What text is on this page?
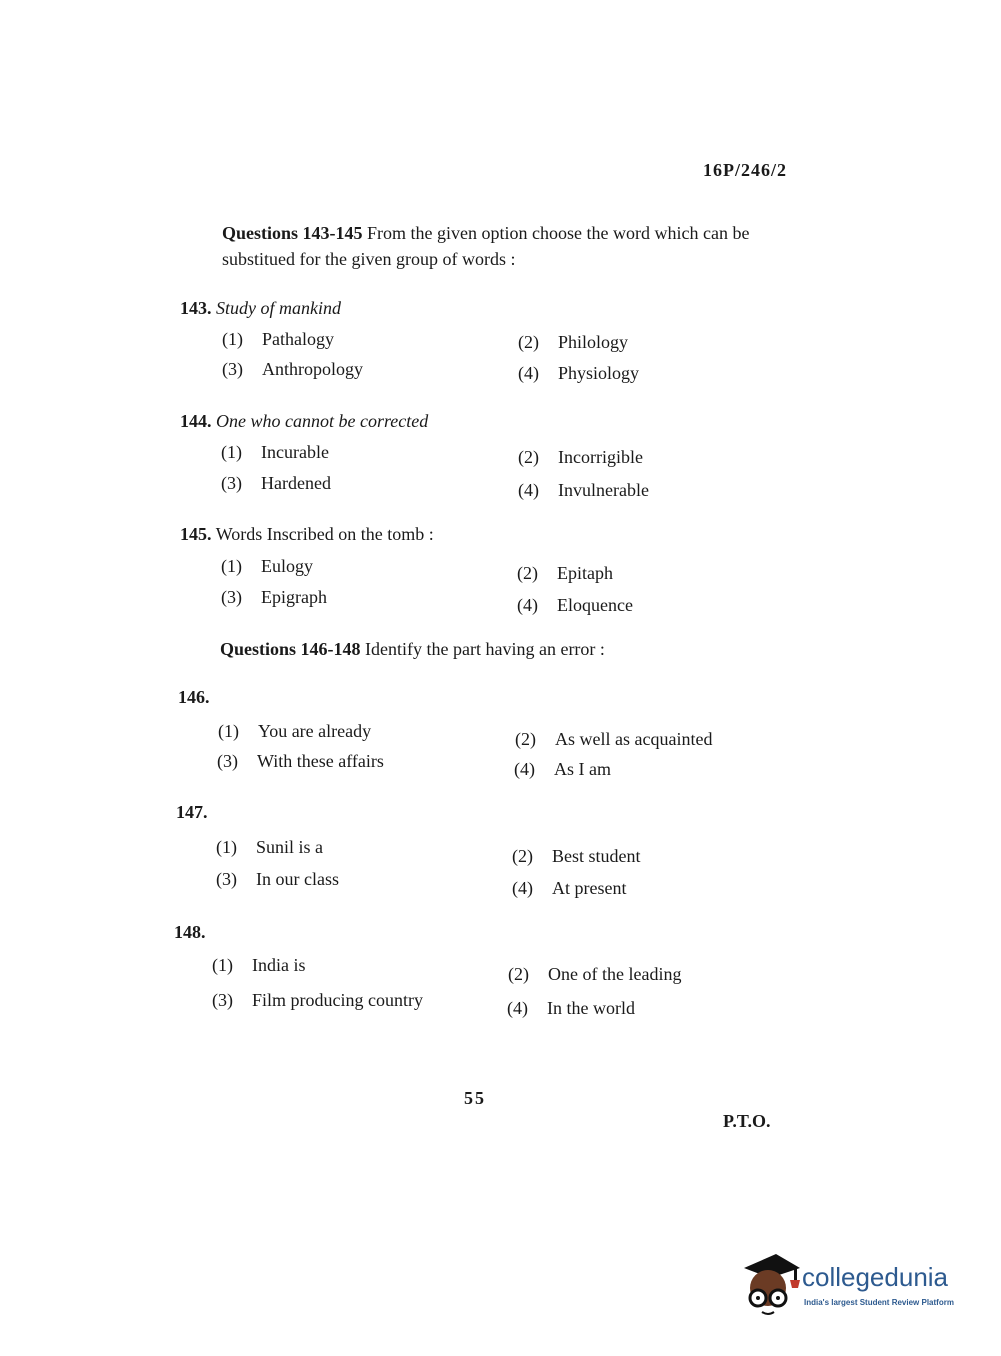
16P/246/2
Questions 143-145 From the given option choose the word which can be substitued for the given group of words :
143. Study of mankind
(1) Pathalogy	(2) Philology
(3) Anthropology	(4) Physiology
144. One who cannot be corrected
(1) Incurable	(2) Incorrigible
(3) Hardened	(4) Invulnerable
145. Words Inscribed on the tomb :
(1) Eulogy	(2) Epitaph
(3) Epigraph	(4) Eloquence
Questions 146-148 Identify the part having an error :
146.
(1) You are already	(2) As well as acquainted
(3) With these affairs	(4) As I am
147.
(1) Sunil is a	(2) Best student
(3) In our class	(4) At present
148.
(1) India is	(2) One of the leading
(3) Film producing country	(4) In the world
55
P.T.O.
collegedunia
India's largest Student Review Platform
